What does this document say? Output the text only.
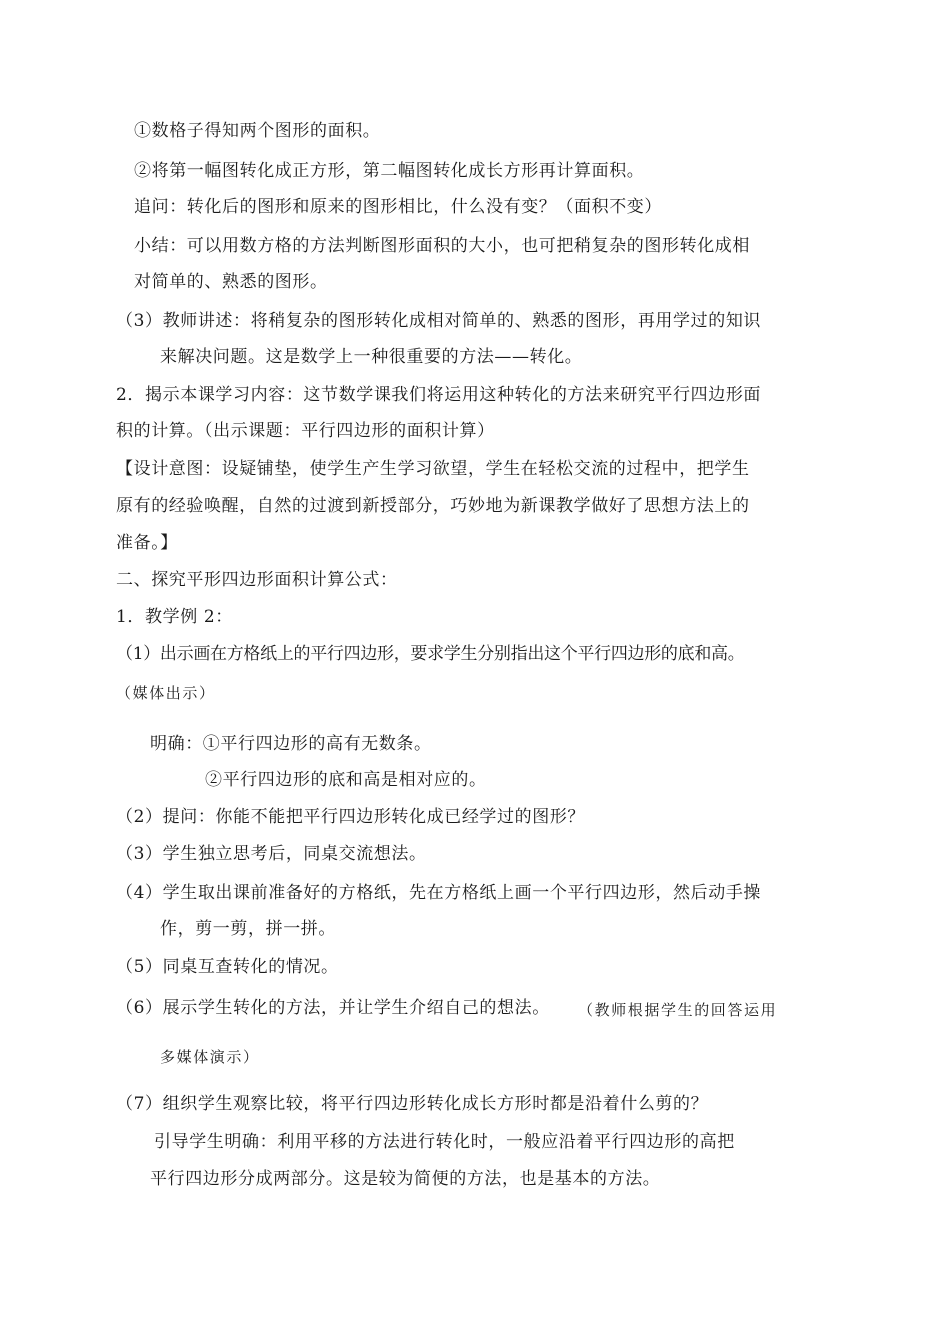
①数格子得知两个图形的面积。
②将第一幅图转化成正方形，第二幅图转化成长方形再计算面积。
追问：转化后的图形和原来的图形相比，什么没有变？（面积不变）
小结：可以用数方格的方法判断图形面积的大小，也可把稍复杂的图形转化成相
对简单的、熟悉的图形。
（3）教师讲述：将稍复杂的图形转化成相对简单的、熟悉的图形，再用学过的知识
来解决问题。这是数学上一种很重要的方法——转化。
2．揭示本课学习内容：这节数学课我们将运用这种转化的方法来研究平行四边形面
积的计算。（出示课题：平行四边形的面积计算）
【设计意图：设疑铺垫，使学生产生学习欲望，学生在轻松交流的过程中，把学生
原有的经验唤醒，自然的过渡到新授部分，巧妙地为新课教学做好了思想方法上的
准备。】
二、探究平形四边形面积计算公式：
1．教学例 2：
（1）出示画在方格纸上的平行四边形，要求学生分别指出这个平行四边形的底和高。
（媒体出示）
明确：①平行四边形的高有无数条。
②平行四边形的底和高是相对应的。
（2）提问：你能不能把平行四边形转化成已经学过的图形？
（3）学生独立思考后，同桌交流想法。
（4）学生取出课前准备好的方格纸，先在方格纸上画一个平行四边形，然后动手操
作，剪一剪，拼一拼。
（5）同桌互查转化的情况。
（6）展示学生转化的方法，并让学生介绍自己的想法。 （教师根据学生的回答运用
多媒体演示）
（7）组织学生观察比较，将平行四边形转化成长方形时都是沿着什么剪的？
引导学生明确：利用平移的方法进行转化时，一般应沿着平行四边形的高把
平行四边形分成两部分。这是较为简便的方法，也是基本的方法。
